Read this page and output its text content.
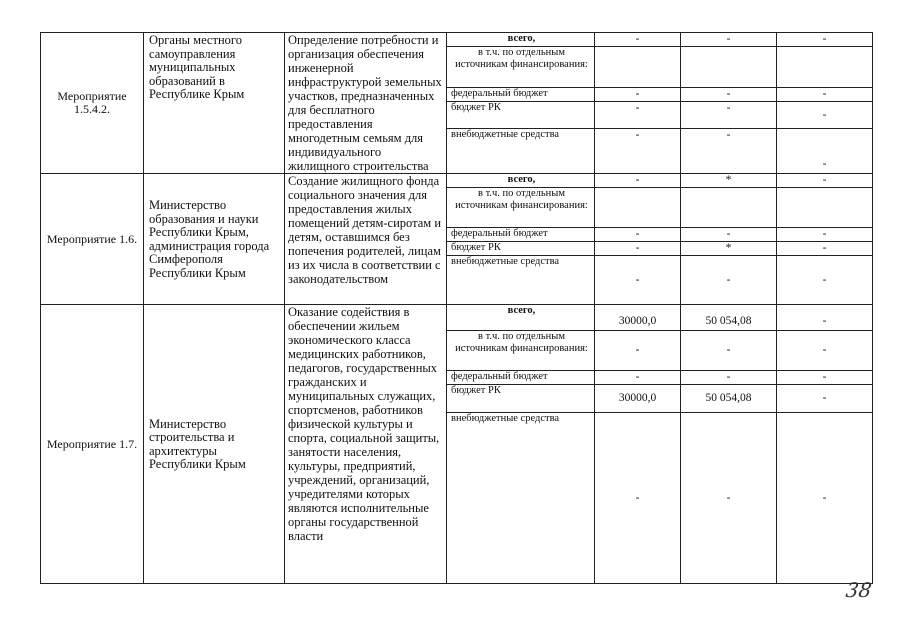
Мероприятие 1.5.4.2.	Органы местного самоуправления муниципальных образований в Республике Крым	Определение потребности и организация обеспечения инженерной инфраструктурой земельных участков, предназначенных для бесплатного предоставления многодетным семьям для индивидуального жилищного строительства	всего,	-	-	-
			в т.ч. по отдельным источникам финансирования:			
			федеральный бюджет	-	-	-
			бюджет РК	-	-	-
			внебюджетные средства	-	-	-
Мероприятие 1.6.	Министерство образования и науки Республики Крым, администрация города Симферополя Республики Крым	Создание жилищного фонда социального значения для предоставления жилых помещений детям-сиротам и детям, оставшимся без попечения родителей, лицам из их числа в соответствии с законодательством	всего,	-	*	-
			в т.ч. по отдельным источникам финансирования:			
			федеральный бюджет	-	-	-
			бюджет РК	-	*	-
			внебюджетные средства	-	-	-
Мероприятие 1.7.	Министерство строительства и архитектуры Республики Крым	Оказание содействия в обеспечении жильем экономического класса медицинских работников, педагогов, государственных гражданских и муниципальных служащих, спортсменов, работников физической культуры и спорта, социальной защиты, занятости населения, культуры, предприятий, учреждений, организаций, учредителями которых являются исполнительные органы государственной власти	всего,	30000,0	50 054,08	-
			в т.ч. по отдельным источникам финансирования:	-	-	-
			федеральный бюджет	-	-	-
			бюджет РК	30000,0	50 054,08	-
			внебюджетные средства	-	-	-
38
